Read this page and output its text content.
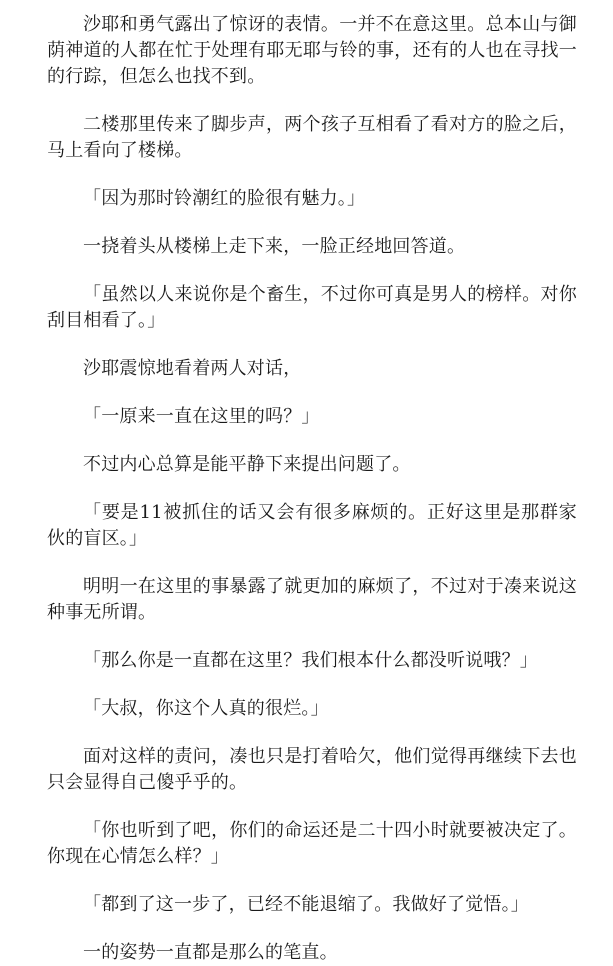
沙耶和勇气露出了惊讶的表情。一并不在意这里。总本山与御荫神道的人都在忙于处理有耶无耶与铃的事，还有的人也在寻找一的行踪，但怎么也找不到。

二楼那里传来了脚步声，两个孩子互相看了看对方的脸之后，马上看向了楼梯。

「因为那时铃潮红的脸很有魅力。」

一挠着头从楼梯上走下来，一脸正经地回答道。

「虽然以人来说你是个畜生，不过你可真是男人的榜样。对你刮目相看了。」

沙耶震惊地看着两人对话，

「一原来一直在这里的吗？」

不过内心总算是能平静下来提出问题了。

「要是11被抓住的话又会有很多麻烦的。正好这里是那群家伙的盲区。」

明明一在这里的事暴露了就更加的麻烦了，不过对于凑来说这种事无所谓。

「那么你是一直都在这里？我们根本什么都没听说哦？」

「大叔，你这个人真的很烂。」

面对这样的责问，凑也只是打着哈欠，他们觉得再继续下去也只会显得自己傻乎乎的。

「你也听到了吧，你们的命运还是二十四小时就要被决定了。你现在心情怎么样？」

「都到了这一步了，已经不能退缩了。我做好了觉悟。」

一的姿势一直都是那么的笔直。
